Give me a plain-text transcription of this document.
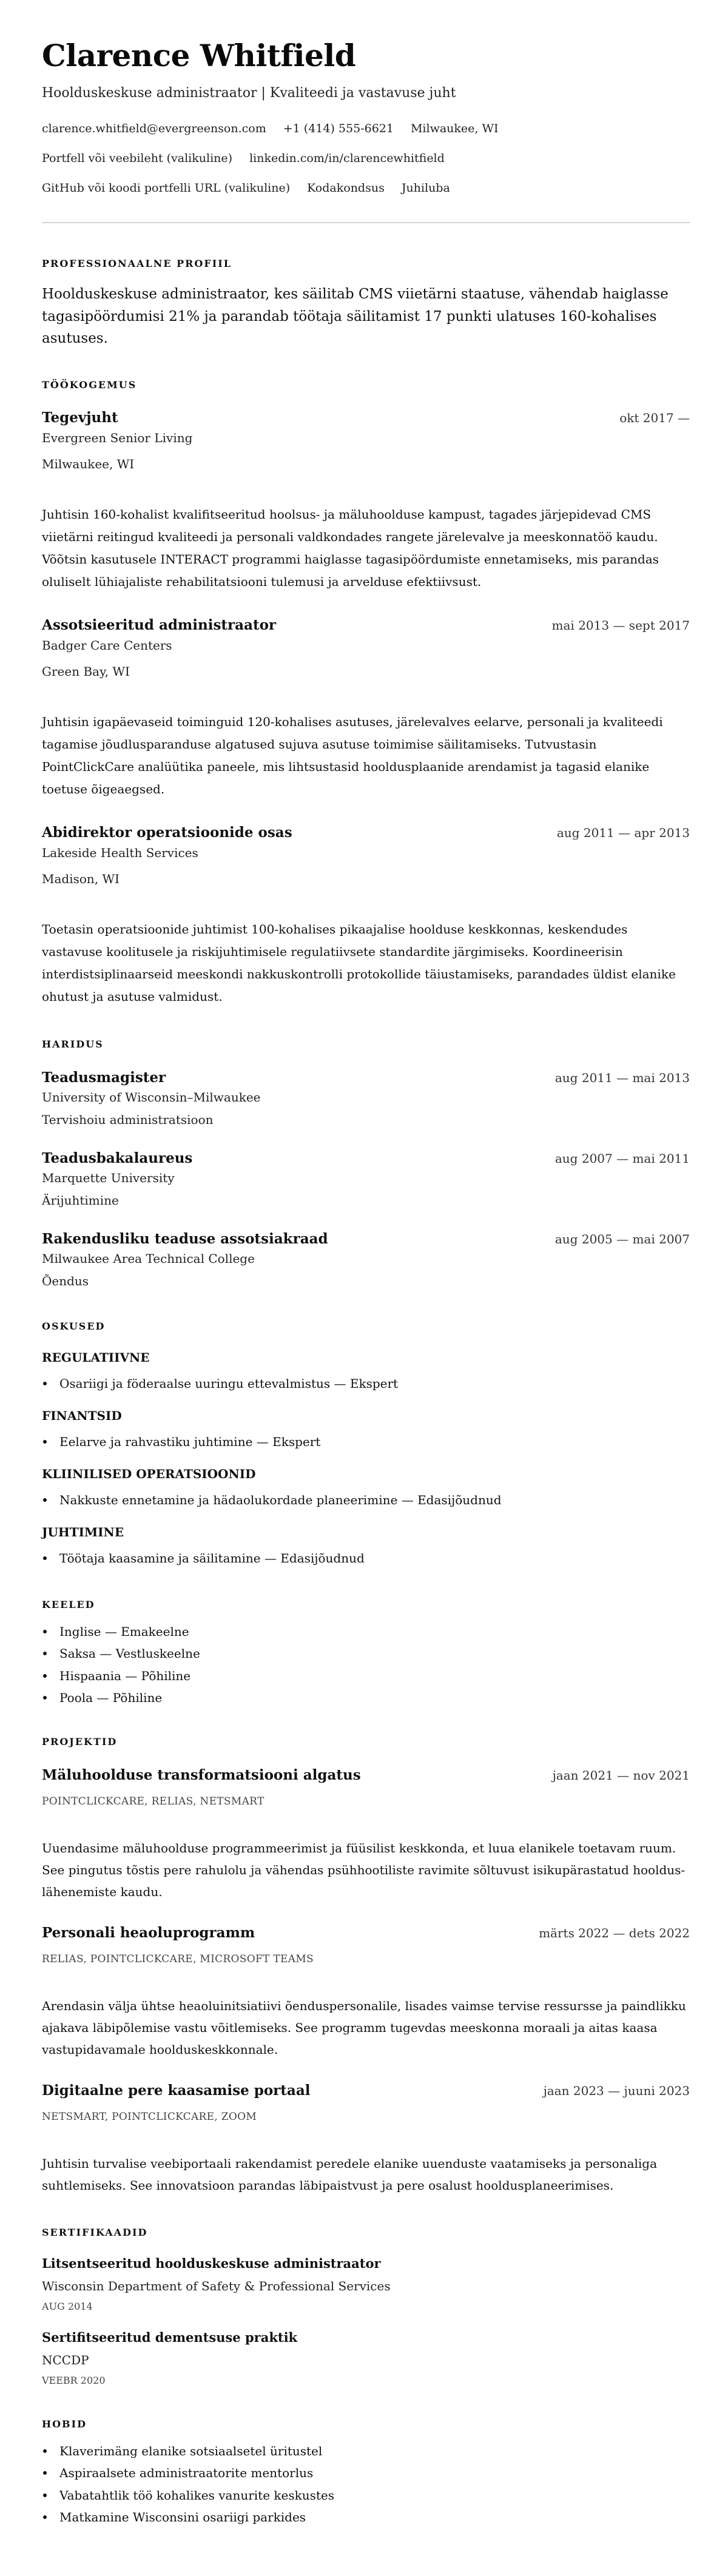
Clarence Whitfield
Hoolduskeskuse administraator | Kvaliteedi ja vastavuse juht
clarence.whitfield@evergreenson.com +1 (414) 555-6621 Milwaukee, WI
Portfell või veebileht (valikuline) linkedin.com/in/clarencewhitfield
GitHub või koodi portfelli URL (valikuline) Kodakondsus Juhiluba
PROFESSIONAALNE PROFIIL

Hoolduskeskuse administraator, kes säilitab CMS viietärni staatuse, vähendab haiglasse tagasipöördumisi 21% ja parandab töötaja säilitamist 17 punkti ulatuses 160-kohalises asutuses.

TÖÖKOGEMUS
Tegevjuht	okt 2017 —
Evergreen Senior Living
Milwaukee, WI

Juhtisin 160-kohalist kvalifitseeritud hoolsus- ja mäluhoolduse kampust, tagades järjepidevad CMS viietärni reitingud kvaliteedi ja personali valdkondades rangete järelevalve ja meeskonnatöö kaudu. Võõtsin kasutusele INTERACT programmi haiglasse tagasipöördumiste ennetamiseks, mis parandas oluliselt lühiajaliste rehabilitatsiooni tulemusi ja arvelduse efektiivsust.

Assotsieeritud administraator	mai 2013 — sept 2017
Badger Care Centers
Green Bay, WI

Juhtisin igapäevaseid toiminguid 120-kohalises asutuses, järelevalves eelarve, personali ja kvaliteedi tagamise jõudlusparanduse algatused sujuva asutuse toimimise säilitamiseks. Tutvustasin PointClickCare analüütika paneele, mis lihtsustasid hooldusplaanide arendamist ja tagasid elanike toetuse õigeaegsed.

Abidirektor operatsioonide osas	aug 2011 — apr 2013
Lakeside Health Services
Madison, WI

Toetasin operatsioonide juhtimist 100-kohalises pikaajalise hoolduse keskkonnas, keskendudes vastavuse koolitusele ja riskijuhtimisele regulatiivsete standardite järgimiseks. Koordineerisin interdistsiplinaarseid meeskondi nakkuskontrolli protokollide täiustamiseks, parandades üldist elanike ohutust ja asutuse valmidust.

HARIDUS
Teadusmagister	aug 2011 — mai 2013
University of Wisconsin–Milwaukee
Tervishoiu administratsioon
Teadusbakalaureus	aug 2007 — mai 2011
Marquette University
Ärijuhtimine
Rakendusliku teaduse assotsiakraad	aug 2005 — mai 2007
Milwaukee Area Technical College
Õendus
OSKUSED
REGULATIIVNE
Osariigi ja föderaalse uuringu ettevalmistus — Ekspert
FINANTSID
Eelarve ja rahvastiku juhtimine — Ekspert
KLIINILISED OPERATSIOONID
Nakkuste ennetamine ja hädaolukordade planeerimine — Edasijõudnud
JUHTIMINE
Töötaja kaasamine ja säilitamine — Edasijõudnud
KEELED
Inglise — Emakeelne
Saksa — Vestluskeelne
Hispaania — Põhiline
Poola — Põhiline
PROJEKTID
Mäluhoolduse transformatsiooni algatus	jaan 2021 — nov 2021
POINTCLICKCARE, RELIAS, NETSMART

Uuendasime mäluhoolduse programmeerimist ja füüsilist keskkonda, et luua elanikele toetavam ruum. See pingutus tõstis pere rahulolu ja vähendas psühhootiliste ravimite sõltuvust isikupärastatud hoolduslähenemiste kaudu.

Personali heaoluprogramm	märts 2022 — dets 2022
RELIAS, POINTCLICKCARE, MICROSOFT TEAMS

Arendasin välja ühtse heaoluinitsiatiivi õenduspersonalile, lisades vaimse tervise ressursse ja paindlikku ajakava läbipõlemise vastu võitlemiseks. See programm tugevdas meeskonna moraali ja aitas kaasa vastupidavamale hoolduskeskkonnale.

Digitaalne pere kaasamise portaal	jaan 2023 — juuni 2023
NETSMART, POINTCLICKCARE, ZOOM

Juhtisin turvalise veebiportaali rakendamist peredele elanike uuenduste vaatamiseks ja personaliga suhtlemiseks. See innovatsioon parandas läbipaistvust ja pere osalust hooldusplaneerimises.

SERTIFIKAADID
Litsentseeritud hoolduskeskuse administraator
Wisconsin Department of Safety & Professional Services
AUG 2014
Sertifitseeritud dementsuse praktik
NCCDP
VEEBR 2020
HOBID
Klaverimäng elanike sotsiaalsetel üritustel
Aspiraalsete administraatorite mentorlus
Vabatahtlik töö kohalikes vanurite keskustes
Matkamine Wisconsini osariigi parkides
